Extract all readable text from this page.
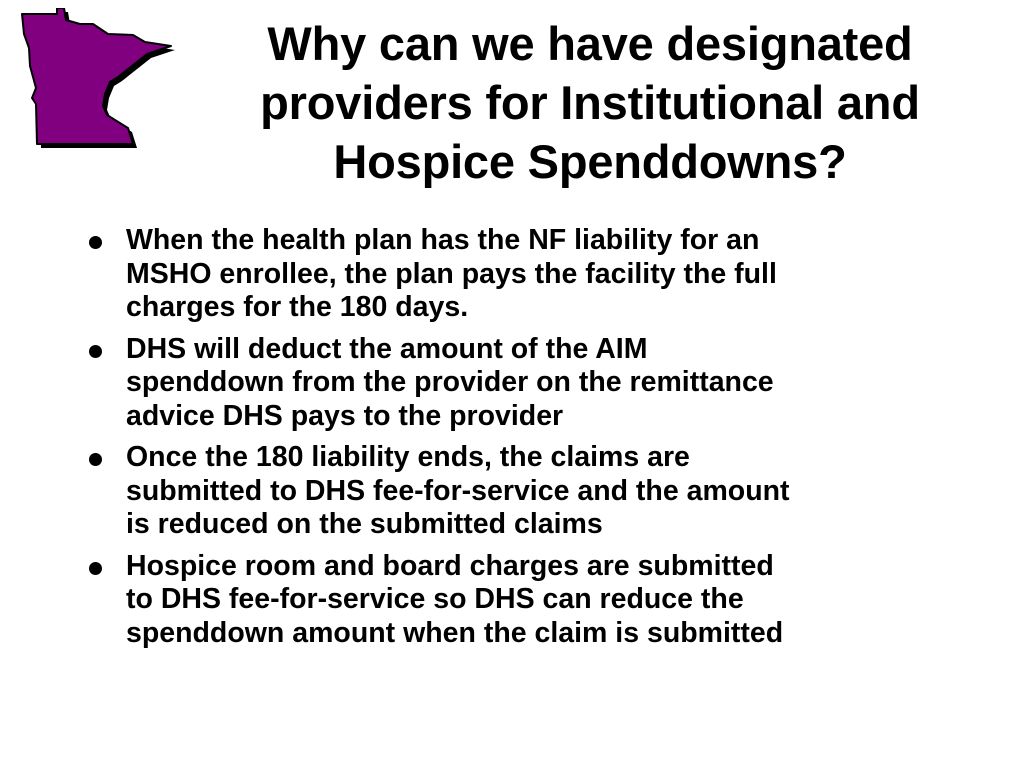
Why can we have designated
providers for Institutional and
Hospice Spenddowns?
When the health plan has the NF liability for an
MSHO enrollee, the plan pays the facility the full
charges for the 180 days.
DHS will deduct the amount of the AIM
spenddown from the provider on the remittance
advice DHS pays to the provider
Once the 180 liability ends, the claims are
submitted to DHS fee-for-service and the amount
is reduced on the submitted claims
Hospice room and board charges are submitted
to DHS fee-for-service so DHS can reduce the
spenddown amount when the claim is submitted
